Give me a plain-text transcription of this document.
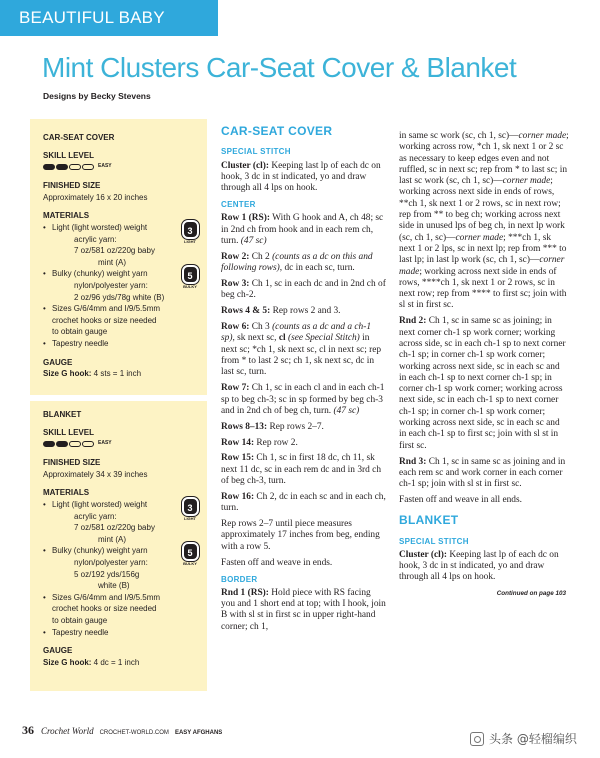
BEAUTIFUL BABY
Mint Clusters Car-Seat Cover & Blanket
Designs by Becky Stevens
CAR-SEAT COVER
SKILL LEVEL
EASY
FINISHED SIZE
Approximately 16 x 20 inches
MATERIALS
• Light (light worsted) weight
acrylic yarn:
7 oz/581 oz/220g baby
mint (A)
3
LIGHT
• Bulky (chunky) weight yarn
nylon/polyester yarn:
2 oz/96 yds/78g white (B)
5
BULKY
• Sizes G/6/4mm and I/9/5.5mm
crochet hooks or size needed
to obtain gauge
• Tapestry needle
GAUGE
Size G hook: 4 sts = 1 inch
BLANKET
SKILL LEVEL
EASY
FINISHED SIZE
Approximately 34 x 39 inches
MATERIALS
• Light (light worsted) weight
acrylic yarn:
7 oz/581 oz/220g baby
mint (A)
3
LIGHT
• Bulky (chunky) weight yarn
nylon/polyester yarn:
5 oz/192 yds/156g
white (B)
5
BULKY
• Sizes G/6/4mm and I/9/5.5mm
crochet hooks or size needed
to obtain gauge
• Tapestry needle
GAUGE
Size G hook: 4 dc = 1 inch
CAR-SEAT COVER
SPECIAL STITCH

Cluster (cl): Keeping last lp of each dc on hook, 3 dc in st indicated, yo and draw through all 4 lps on hook.

CENTER

Row 1 (RS): With G hook and A, ch 48; sc in 2nd ch from hook and in each rem ch, turn. (47 sc)

Row 2: Ch 2 (counts as a dc on this and following rows), dc in each sc, turn.

Row 3: Ch 1, sc in each dc and in 2nd ch of beg ch-2.

Rows 4 & 5: Rep rows 2 and 3.

Row 6: Ch 3 (counts as a dc and a ch-1 sp), sk next sc, cl (see Special Stitch) in next sc; *ch 1, sk next sc, cl in next sc; rep from * to last 2 sc; ch 1, sk next sc, dc in last sc, turn.

Row 7: Ch 1, sc in each cl and in each ch-1 sp to beg ch-3; sc in sp formed by beg ch-3 and in 2nd ch of beg ch, turn. (47 sc)

Rows 8–13: Rep rows 2–7.

Row 14: Rep row 2.

Row 15: Ch 1, sc in first 18 dc, ch 11, sk next 11 dc, sc in each rem dc and in 3rd ch of beg ch-3, turn.

Row 16: Ch 2, dc in each sc and in each ch, turn.

Rep rows 2–7 until piece measures approximately 17 inches from beg, ending with a row 5.

Fasten off and weave in ends.

BORDER

Rnd 1 (RS): Hold piece with RS facing you and 1 short end at top; with I hook, join B with sl st in first sc in upper right-hand corner; ch 1,

in same sc work (sc, ch 1, sc)—corner made; working across row, *ch 1, sk next 1 or 2 sc as necessary to keep edges even and not ruffled, sc in next sc; rep from * to last sc; in last sc work (sc, ch 1, sc)—corner made; working across next side in ends of rows, **ch 1, sk next 1 or 2 rows, sc in next row; rep from ** to beg ch; working across next side in unused lps of beg ch, in next lp work (sc, ch 1, sc)—corner made; ***ch 1, sk next 1 or 2 lps, sc in next lp; rep from *** to last lp; in last lp work (sc, ch 1, sc)—corner made; working across next side in ends of rows, ****ch 1, sk next 1 or 2 rows, sc in next row; rep from **** to first sc; join with sl st in first sc.

Rnd 2: Ch 1, sc in same sc as joining; in next corner ch-1 sp work corner; working across side, sc in each ch-1 sp to next corner ch-1 sp; in corner ch-1 sp work corner; working across next side, sc in each sc and in each ch-1 sp to next corner ch-1 sp; in corner ch-1 sp work corner; working across next side, sc in each ch-1 sp to next corner ch-1 sp; in corner ch-1 sp work corner; working across next side, sc in each sc and in each ch-1 sp to first sc; join with sl st in first sc.

Rnd 3: Ch 1, sc in same sc as joining and in each rem sc and work corner in each corner ch-1 sp; join with sl st in first sc.

Fasten off and weave in all ends.

BLANKET
SPECIAL STITCH

Cluster (cl): Keeping last lp of each dc on hook, 3 dc in st indicated, yo and draw through all 4 lps on hook.

Continued on page 103
36 Crochet World CROCHET-WORLD.COM EASY AFGHANS	头条 @轻榴编织
